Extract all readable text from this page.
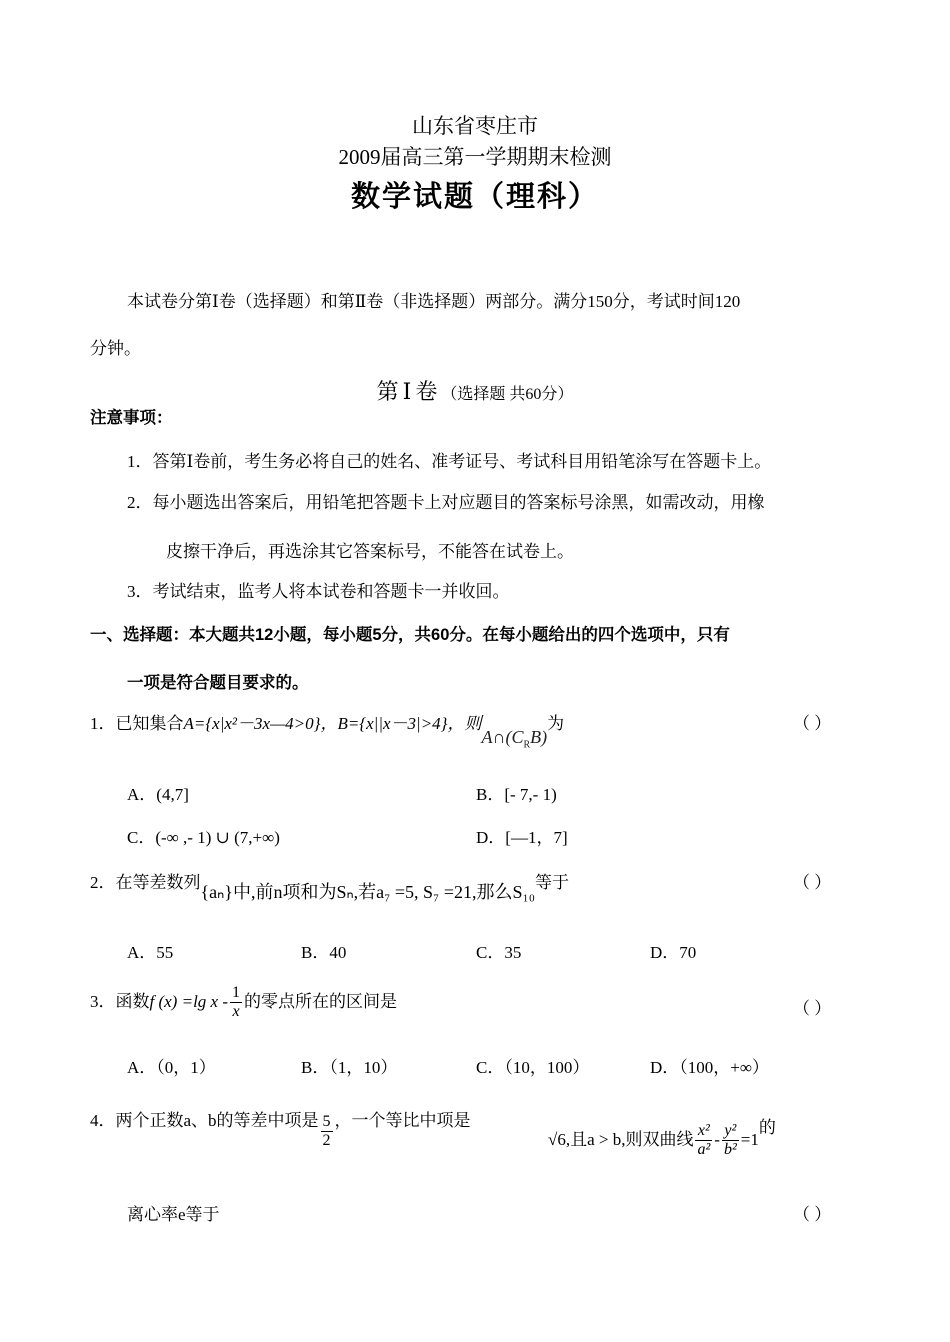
山东省枣庄市
2009届高三第一学期期末检测
数学试题（理科）
本试卷分第Ⅰ卷（选择题）和第Ⅱ卷（非选择题）两部分。满分150分，考试时间120
分钟。
第Ⅰ卷（选择题 共60分）
注意事项：
1．答第Ⅰ卷前，考生务必将自己的姓名、准考证号、考试科目用铅笔涂写在答题卡上。
2．每小题选出答案后，用铅笔把答题卡上对应题目的答案标号涂黑，如需改动，用橡
皮擦干净后，再选涂其它答案标号，不能答在试卷上。
3．考试结束，监考人将本试卷和答题卡一并收回。
一、选择题：本大题共12小题，每小题5分，共60分。在每小题给出的四个选项中，只有
一项是符合题目要求的。
1．已知集合A={x|x²－3x—4>0}，B={x||x－3|>4}，则$A\cap(C_RB)$为	（ ）
A．(4,7]	B．[- 7,- 1)
C．(-∞ ,- 1) ∪ (7,+∞)	D．[—1，7]
2．在等差数列{aₙ}中,前n项和为Sₙ,若a₇ =5, S₇ =21,那么S₁₀等于	（ ）
A．55	B．40	C．35	D．70
3．函数f (x) =lg x - $\frac{1}{x}$ 的零点所在的区间是	（ ）
A．（0，1）	B．（1，10）	C．（10，100）	D．（100，+∞）
4．两个正数a、b的等差中项是 $\frac{5}{2}$ ，一个等比中项是
√6,且a > b,则双曲线 $\frac{\text{x²}}{\text{a²}} - \frac{\text{y²}}{\text{b²}} =1$的
离心率e等于	（ ）
